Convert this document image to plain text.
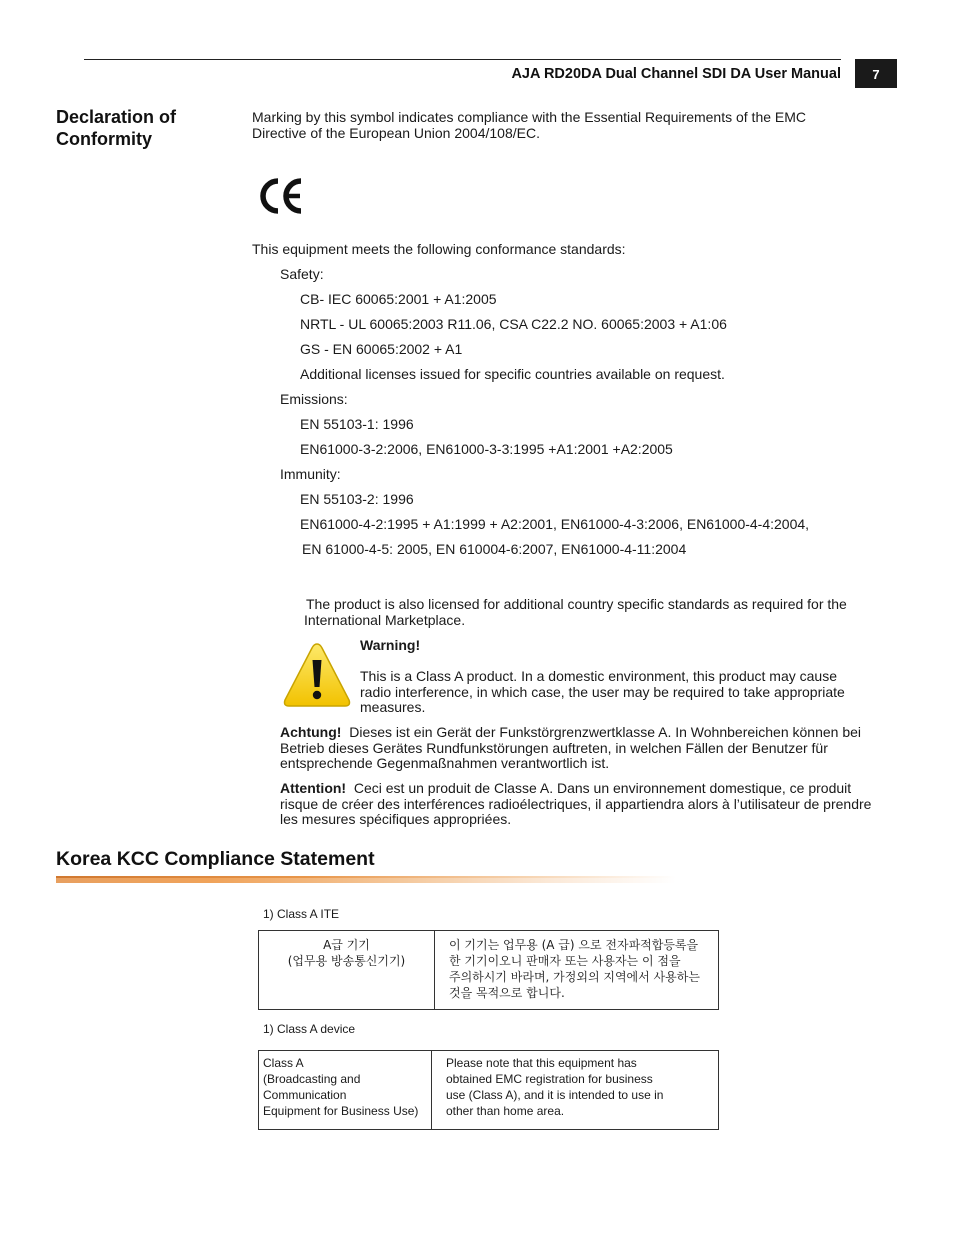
AJA RD20DA Dual Channel SDI DA User Manual	7
Declaration of
Conformity
Marking by this symbol indicates compliance with the Essential Requirements of the EMC Directive of the European Union 2004/108/EC.
This equipment meets the following conformance standards:
Safety:
CB- IEC 60065:2001 + A1:2005
NRTL - UL 60065:2003 R11.06, CSA C22.2 NO. 60065:2003 + A1:06
GS - EN 60065:2002 + A1
Additional licenses issued for specific countries available on request.
Emissions:
EN 55103-1: 1996
EN61000-3-2:2006, EN61000-3-3:1995 +A1:2001 +A2:2005
Immunity:
EN 55103-2: 1996
EN61000-4-2:1995 + A1:1999 + A2:2001, EN61000-4-3:2006, EN61000-4-4:2004,
EN 61000-4-5: 2005, EN 610004-6:2007, EN61000-4-11:2004
The product is also licensed for additional country specific standards as required for the International Marketplace.
Warning!
This is a Class A product. In a domestic environment, this product may cause radio interference, in which case, the user may be required to take appropriate measures.
Achtung! Dieses ist ein Gerät der Funkstörgrenzwertklasse A. In Wohnbereichen können bei Betrieb dieses Gerätes Rundfunkstörungen auftreten, in welchen Fällen der Benutzer für entsprechende Gegenmaßnahmen verantwortlich ist.
Attention! Ceci est un produit de Classe A. Dans un environnement domestique, ce produit risque de créer des interférences radioélectriques, il appartiendra alors à l’utilisateur de prendre les mesures spécifiques appropriées.
Korea KCC Compliance Statement
1) Class A ITE
A급 기기
(업무용 방송통신기기)

이 기기는 업무용 (A 급) 으로 전자파적합등록을
한 기기이오니 판매자 또는 사용자는 이 점을
주의하시기 바라며, 가정외의 지역에서 사용하는
것을 목적으로 합니다.
1) Class A device
Class A
(Broadcasting and
Communication
Equipment for Business Use)

Please note that this equipment has
obtained EMC registration for business
use (Class A), and it is intended to use in
other than home area.
